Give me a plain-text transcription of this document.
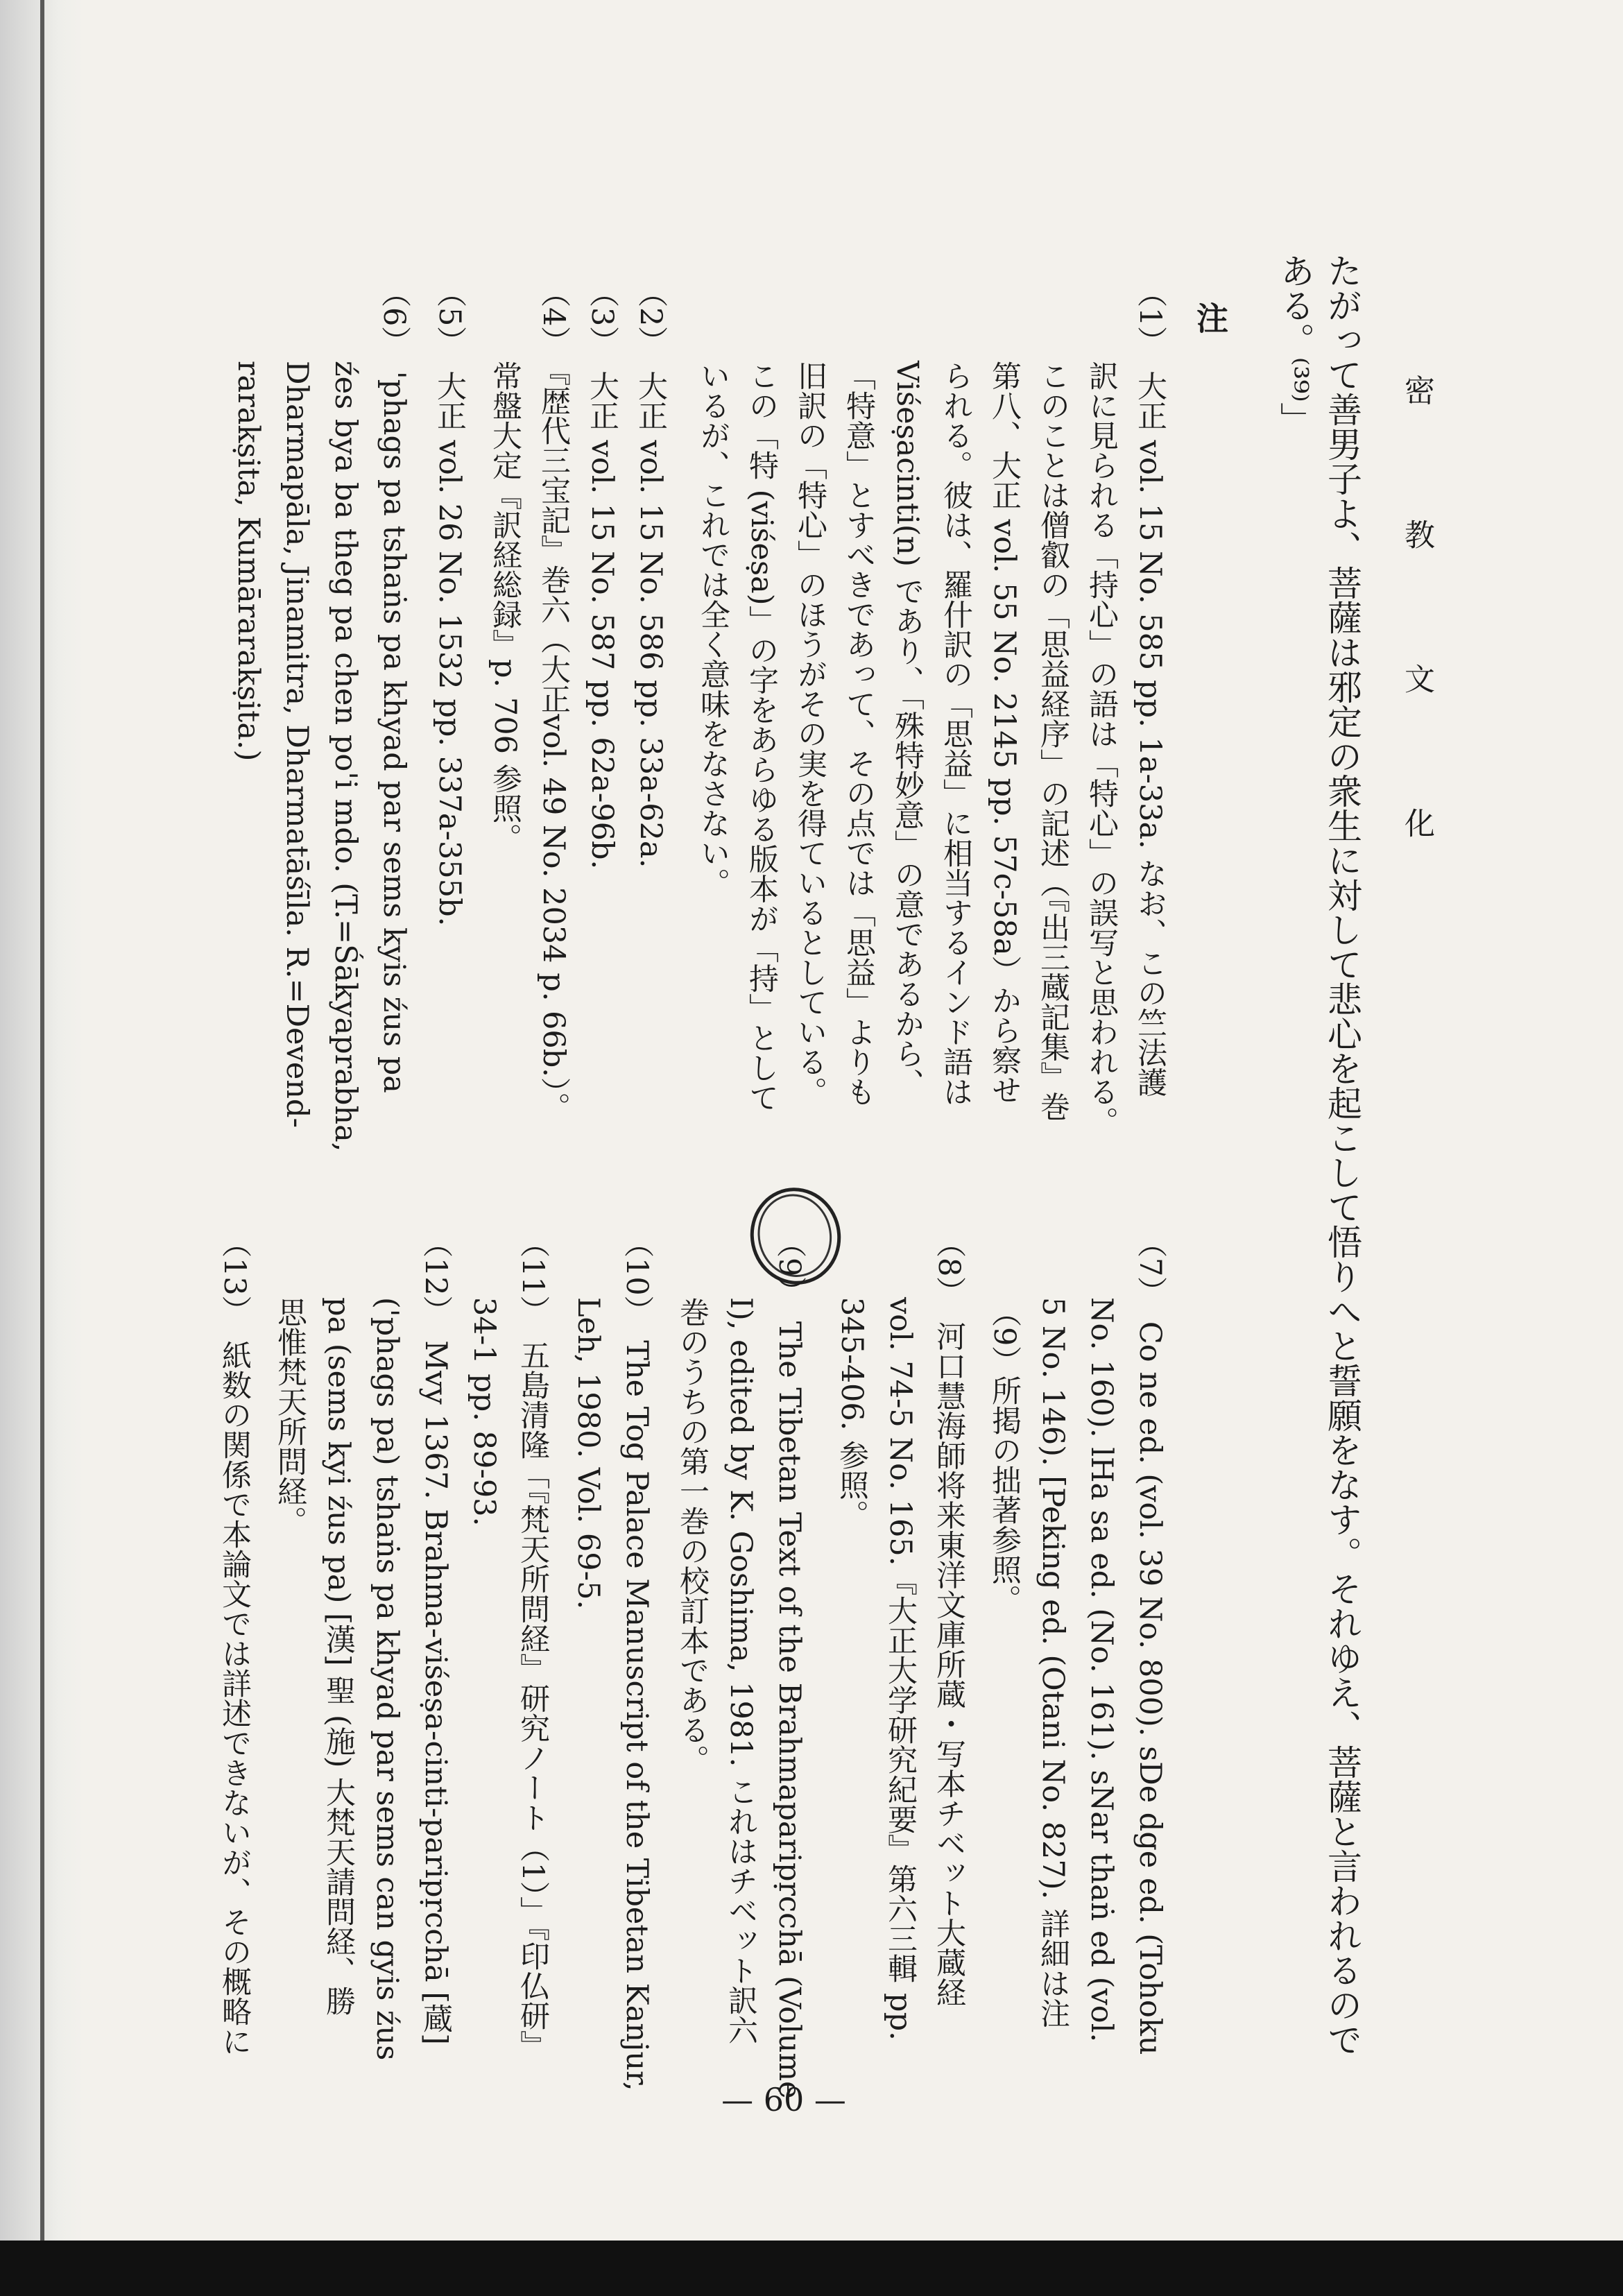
密　教　文　化
たがって善男子よ、菩薩は邪定の衆生に対して悲心を起こして悟りへと誓願をなす。それゆえ、菩薩と言われるので
ある。⁽³⁹⁾」
注
（1）　大正 vol. 15 No. 585 pp. 1a-33a. なお、この竺法護
訳に見られる「持心」の語は「特心」の誤写と思われる。
このことは僧叡の「思益経序」の記述（『出三蔵記集』巻
第八、大正 vol. 55 No. 2145 pp. 57c-58a）から察せ
られる。彼は、羅什訳の「思益」に相当するインド語は
Viśeṣacinti(n) であり、「殊特妙意」の意であるから、
「特意」とすべきであって、その点では「思益」よりも
旧訳の「特心」のほうがその実を得ているとしている。
この「特 (viśeṣa)」の字をあらゆる版本が「持」として
いるが、これでは全く意味をなさない。
（2）　大正 vol. 15 No. 586 pp. 33a-62a.
（3）　大正 vol. 15 No. 587 pp. 62a-96b.
（4）　『歴代三宝記』巻六（大正vol. 49 No. 2034 p. 66b.）。
常盤大定『訳経総録』p. 706 参照。
（5）　大正 vol. 26 No. 1532 pp. 337a-355b.
（6）　'phags pa tshaṅs pa khyad par sems kyis źus pa
źes bya ba theg pa chen po'i mdo. (T.=Śākyaprabha,
Dharmapāla, Jinamitra, Dharmatāśīla. R.=Devend-
rarakṣita, Kumārarakṣita.)
（7）　Co ne ed. (vol. 39 No. 800). sDe dge ed. (Tohoku
No. 160). lHa sa ed. (No. 161). sNar thaṅ ed (vol.
5 No. 146). [Peking ed. (Otani No. 827). 詳細は注
（9）所掲の拙著参照。
（8）　河口慧海師将来東洋文庫所蔵・写本チベット大蔵経
vol. 74-5 No. 165.『大正大学研究紀要』第六三輯 pp.
345-406. 参照。
（9）　The Tibetan Text of the Brahmaparipṛcchā (Volume
I), edited by K. Goshima, 1981. これはチベット訳六
巻のうちの第一巻の校訂本である。
（10）　The Tog Palace Manuscript of the Tibetan Kanjur,
Leh, 1980. Vol. 69-5.
（11）　五島清隆「『梵天所問経』研究ノート（1）」『印仏研』
34-1 pp. 89-93.
（12）　Mvy 1367. Brahma-viśeṣa-cinti-paripṛcchā [蔵]
('phags pa) tshaṅs pa khyad par sems can gyis źus
pa (sems kyi źus pa) [漢] 聖 (施) 大梵天請問経、勝
思惟梵天所問経。
（13）　紙数の関係で本論文では詳述できないが、その概略に
— 60 —
